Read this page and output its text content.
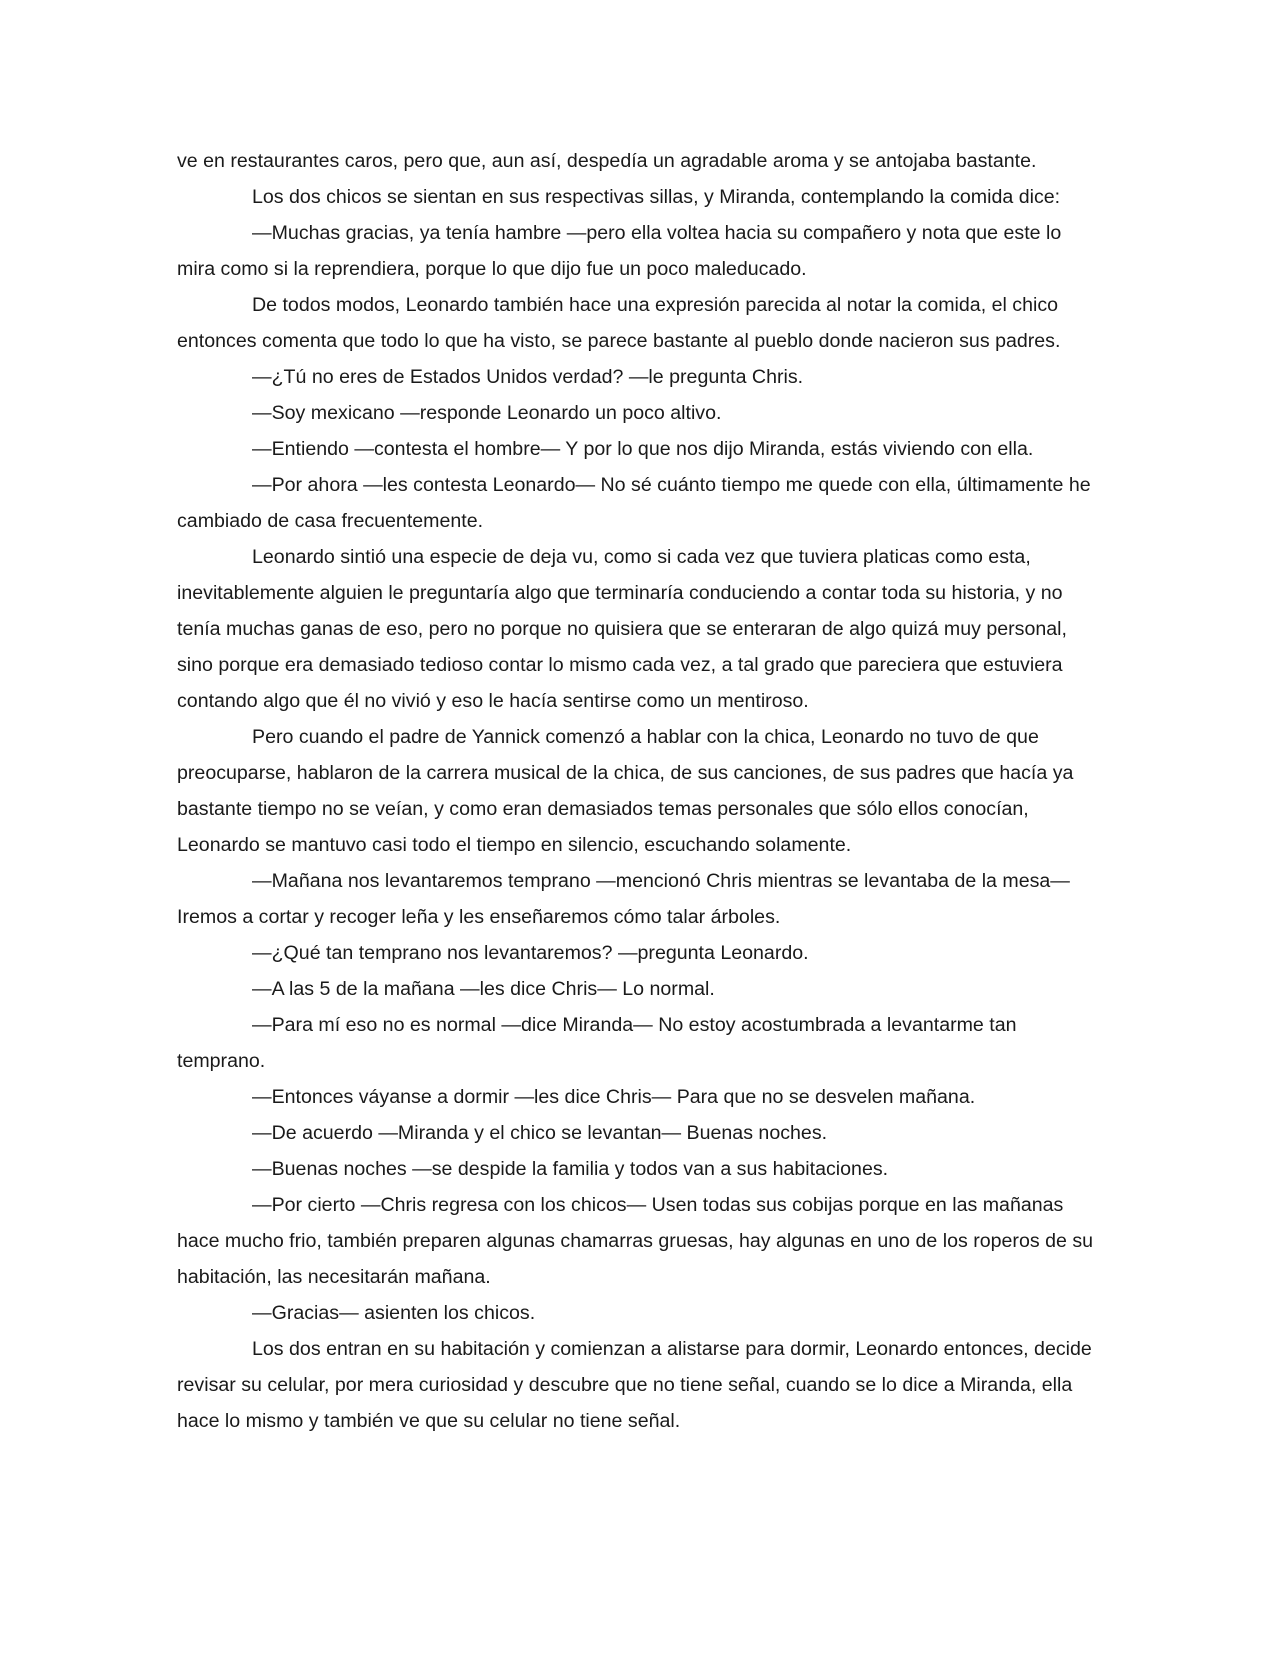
ve en restaurantes caros, pero que, aun así, despedía un agradable aroma y se antojaba bastante.

Los dos chicos se sientan en sus respectivas sillas, y Miranda, contemplando la comida dice:

—Muchas gracias, ya tenía hambre —pero ella voltea hacia su compañero y nota que este lo mira como si la reprendiera, porque lo que dijo fue un poco maleducado.

De todos modos, Leonardo también hace una expresión parecida al notar la comida, el chico entonces comenta que todo lo que ha visto, se parece bastante al pueblo donde nacieron sus padres.

—¿Tú no eres de Estados Unidos verdad? —le pregunta Chris.

—Soy mexicano —responde Leonardo un poco altivo.

—Entiendo —contesta el hombre— Y por lo que nos dijo Miranda, estás viviendo con ella.

—Por ahora —les contesta Leonardo— No sé cuánto tiempo me quede con ella, últimamente he cambiado de casa frecuentemente.

Leonardo sintió una especie de deja vu, como si cada vez que tuviera platicas como esta, inevitablemente alguien le preguntaría algo que terminaría conduciendo a contar toda su historia, y no tenía muchas ganas de eso, pero no porque no quisiera que se enteraran de algo quizá muy personal, sino porque era demasiado tedioso contar lo mismo cada vez, a tal grado que pareciera que estuviera contando algo que él no vivió y eso le hacía sentirse como un mentiroso.

Pero cuando el padre de Yannick comenzó a hablar con la chica, Leonardo no tuvo de que preocuparse, hablaron de la carrera musical de la chica, de sus canciones, de sus padres que hacía ya bastante tiempo no se veían, y como eran demasiados temas personales que sólo ellos conocían, Leonardo se mantuvo casi todo el tiempo en silencio, escuchando solamente.

—Mañana nos levantaremos temprano —mencionó Chris mientras se levantaba de la mesa— Iremos a cortar y recoger leña y les enseñaremos cómo talar árboles.

—¿Qué tan temprano nos levantaremos? —pregunta Leonardo.

—A las 5 de la mañana —les dice Chris— Lo normal.

—Para mí eso no es normal —dice Miranda— No estoy acostumbrada a levantarme tan temprano.

—Entonces váyanse a dormir —les dice Chris— Para que no se desvelen mañana.

—De acuerdo —Miranda y el chico se levantan— Buenas noches.

—Buenas noches —se despide la familia y todos van a sus habitaciones.

—Por cierto —Chris regresa con los chicos— Usen todas sus cobijas porque en las mañanas hace mucho frio, también preparen algunas chamarras gruesas, hay algunas en uno de los roperos de su habitación, las necesitarán mañana.

—Gracias— asienten los chicos.

Los dos entran en su habitación y comienzan a alistarse para dormir, Leonardo entonces, decide revisar su celular, por mera curiosidad y descubre que no tiene señal, cuando se lo dice a Miranda, ella hace lo mismo y también ve que su celular no tiene señal.
